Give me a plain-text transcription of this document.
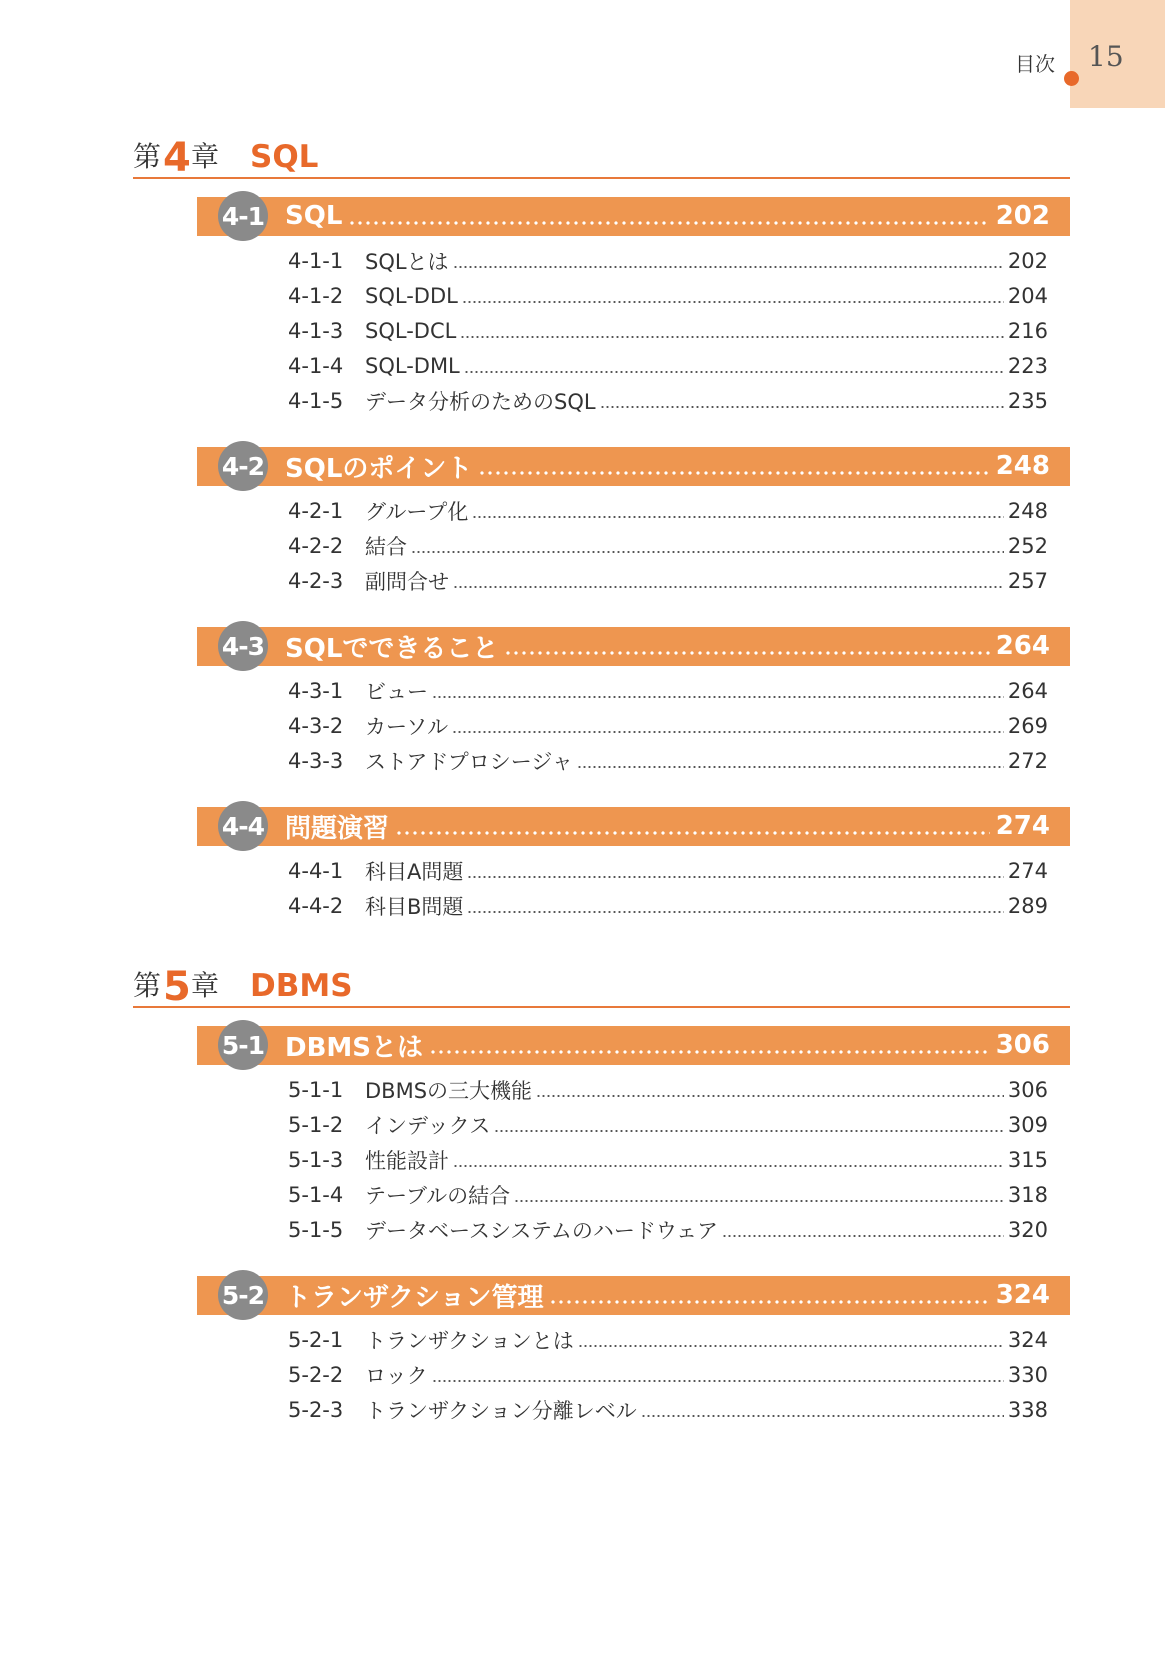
目次 15
第 4 章 SQL
4-1 SQL	202
4-1-1	SQLとは	202
4-1-2	SQL-DDL	204
4-1-3	SQL-DCL	216
4-1-4	SQL-DML	223
4-1-5	データ分析のためのSQL	235
4-2 SQLのポイント	248
4-2-1	グループ化	248
4-2-2	結合	252
4-2-3	副問合せ	257
4-3 SQLでできること	264
4-3-1	ビュー	264
4-3-2	カーソル	269
4-3-3	ストアドプロシージャ	272
4-4 問題演習	274
4-4-1	科目A問題	274
4-4-2	科目B問題	289
第 5 章 DBMS
5-1 DBMSとは	306
5-1-1	DBMSの三大機能	306
5-1-2	インデックス	309
5-1-3	性能設計	315
5-1-4	テーブルの結合	318
5-1-5	データベースシステムのハードウェア	320
5-2 トランザクション管理	324
5-2-1	トランザクションとは	324
5-2-2	ロック	330
5-2-3	トランザクション分離レベル	338
